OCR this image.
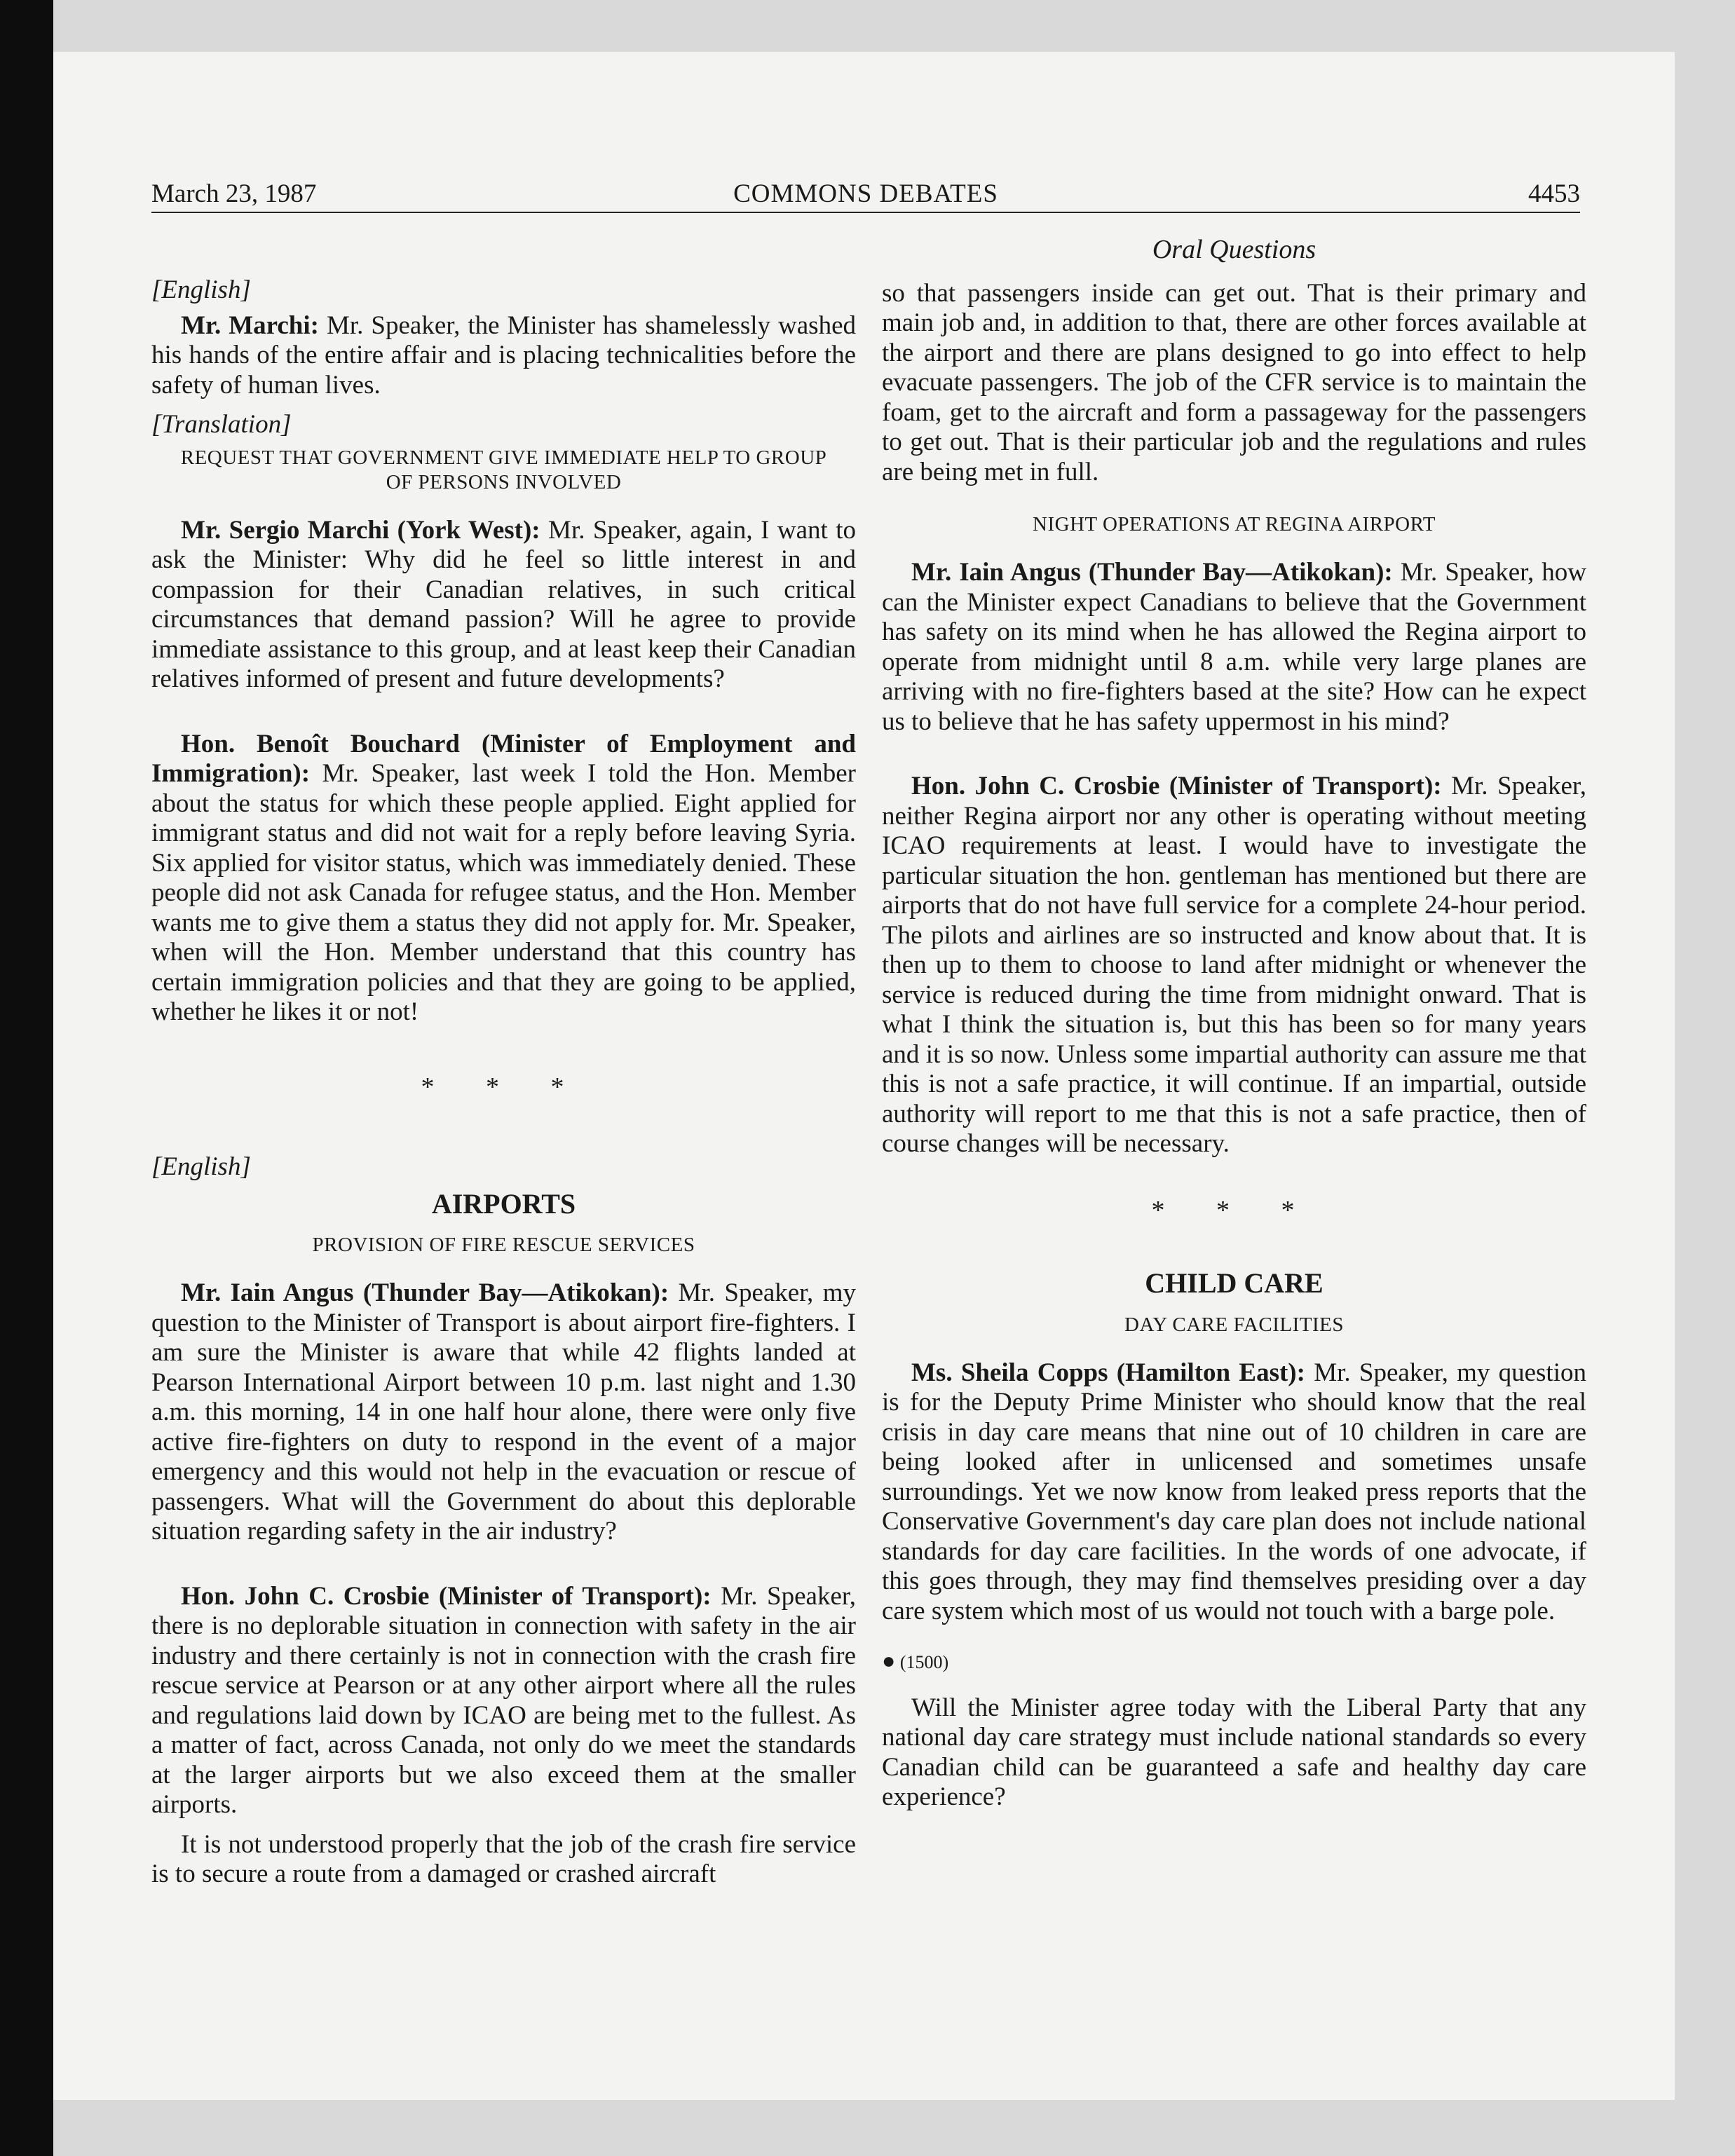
March 23, 1987	COMMONS DEBATES	4453

[English]

Mr. Marchi: Mr. Speaker, the Minister has shamelessly washed his hands of the entire affair and is placing technicalities before the safety of human lives.

[Translation]

REQUEST THAT GOVERNMENT GIVE IMMEDIATE HELP TO GROUP OF PERSONS INVOLVED

Mr. Sergio Marchi (York West): Mr. Speaker, again, I want to ask the Minister: Why did he feel so little interest in and compassion for their Canadian relatives, in such critical circumstances that demand passion? Will he agree to provide immediate assistance to this group, and at least keep their Canadian relatives informed of present and future developments?

Hon. Benoît Bouchard (Minister of Employment and Immigration): Mr. Speaker, last week I told the Hon. Member about the status for which these people applied. Eight applied for immigrant status and did not wait for a reply before leaving Syria. Six applied for visitor status, which was immediately denied. These people did not ask Canada for refugee status, and the Hon. Member wants me to give them a status they did not apply for. Mr. Speaker, when will the Hon. Member understand that this country has certain immigration policies and that they are going to be applied, whether he likes it or not!

* * *

[English]

AIRPORTS

PROVISION OF FIRE RESCUE SERVICES

Mr. Iain Angus (Thunder Bay—Atikokan): Mr. Speaker, my question to the Minister of Transport is about airport fire-fighters. I am sure the Minister is aware that while 42 flights landed at Pearson International Airport between 10 p.m. last night and 1.30 a.m. this morning, 14 in one half hour alone, there were only five active fire-fighters on duty to respond in the event of a major emergency and this would not help in the evacuation or rescue of passengers. What will the Government do about this deplorable situation regarding safety in the air industry?

Hon. John C. Crosbie (Minister of Transport): Mr. Speaker, there is no deplorable situation in connection with safety in the air industry and there certainly is not in connection with the crash fire rescue service at Pearson or at any other airport where all the rules and regulations laid down by ICAO are being met to the fullest. As a matter of fact, across Canada, not only do we meet the standards at the larger airports but we also exceed them at the smaller airports.

It is not understood properly that the job of the crash fire service is to secure a route from a damaged or crashed aircraft

Oral Questions

so that passengers inside can get out. That is their primary and main job and, in addition to that, there are other forces available at the airport and there are plans designed to go into effect to help evacuate passengers. The job of the CFR service is to maintain the foam, get to the aircraft and form a passageway for the passengers to get out. That is their particular job and the regulations and rules are being met in full.

NIGHT OPERATIONS AT REGINA AIRPORT

Mr. Iain Angus (Thunder Bay—Atikokan): Mr. Speaker, how can the Minister expect Canadians to believe that the Government has safety on its mind when he has allowed the Regina airport to operate from midnight until 8 a.m. while very large planes are arriving with no fire-fighters based at the site? How can he expect us to believe that he has safety uppermost in his mind?

Hon. John C. Crosbie (Minister of Transport): Mr. Speaker, neither Regina airport nor any other is operating without meeting ICAO requirements at least. I would have to investigate the particular situation the hon. gentleman has mentioned but there are airports that do not have full service for a complete 24-hour period. The pilots and airlines are so instructed and know about that. It is then up to them to choose to land after midnight or whenever the service is reduced during the time from midnight onward. That is what I think the situation is, but this has been so for many years and it is so now. Unless some impartial authority can assure me that this is not a safe practice, it will continue. If an impartial, outside authority will report to me that this is not a safe practice, then of course changes will be necessary.

* * *

CHILD CARE

DAY CARE FACILITIES

Ms. Sheila Copps (Hamilton East): Mr. Speaker, my question is for the Deputy Prime Minister who should know that the real crisis in day care means that nine out of 10 children in care are being looked after in unlicensed and sometimes unsafe surroundings. Yet we now know from leaked press reports that the Conservative Government's day care plan does not include national standards for day care facilities. In the words of one advocate, if this goes through, they may find themselves presiding over a day care system which most of us would not touch with a barge pole.

● (1500)

Will the Minister agree today with the Liberal Party that any national day care strategy must include national standards so every Canadian child can be guaranteed a safe and healthy day care experience?
